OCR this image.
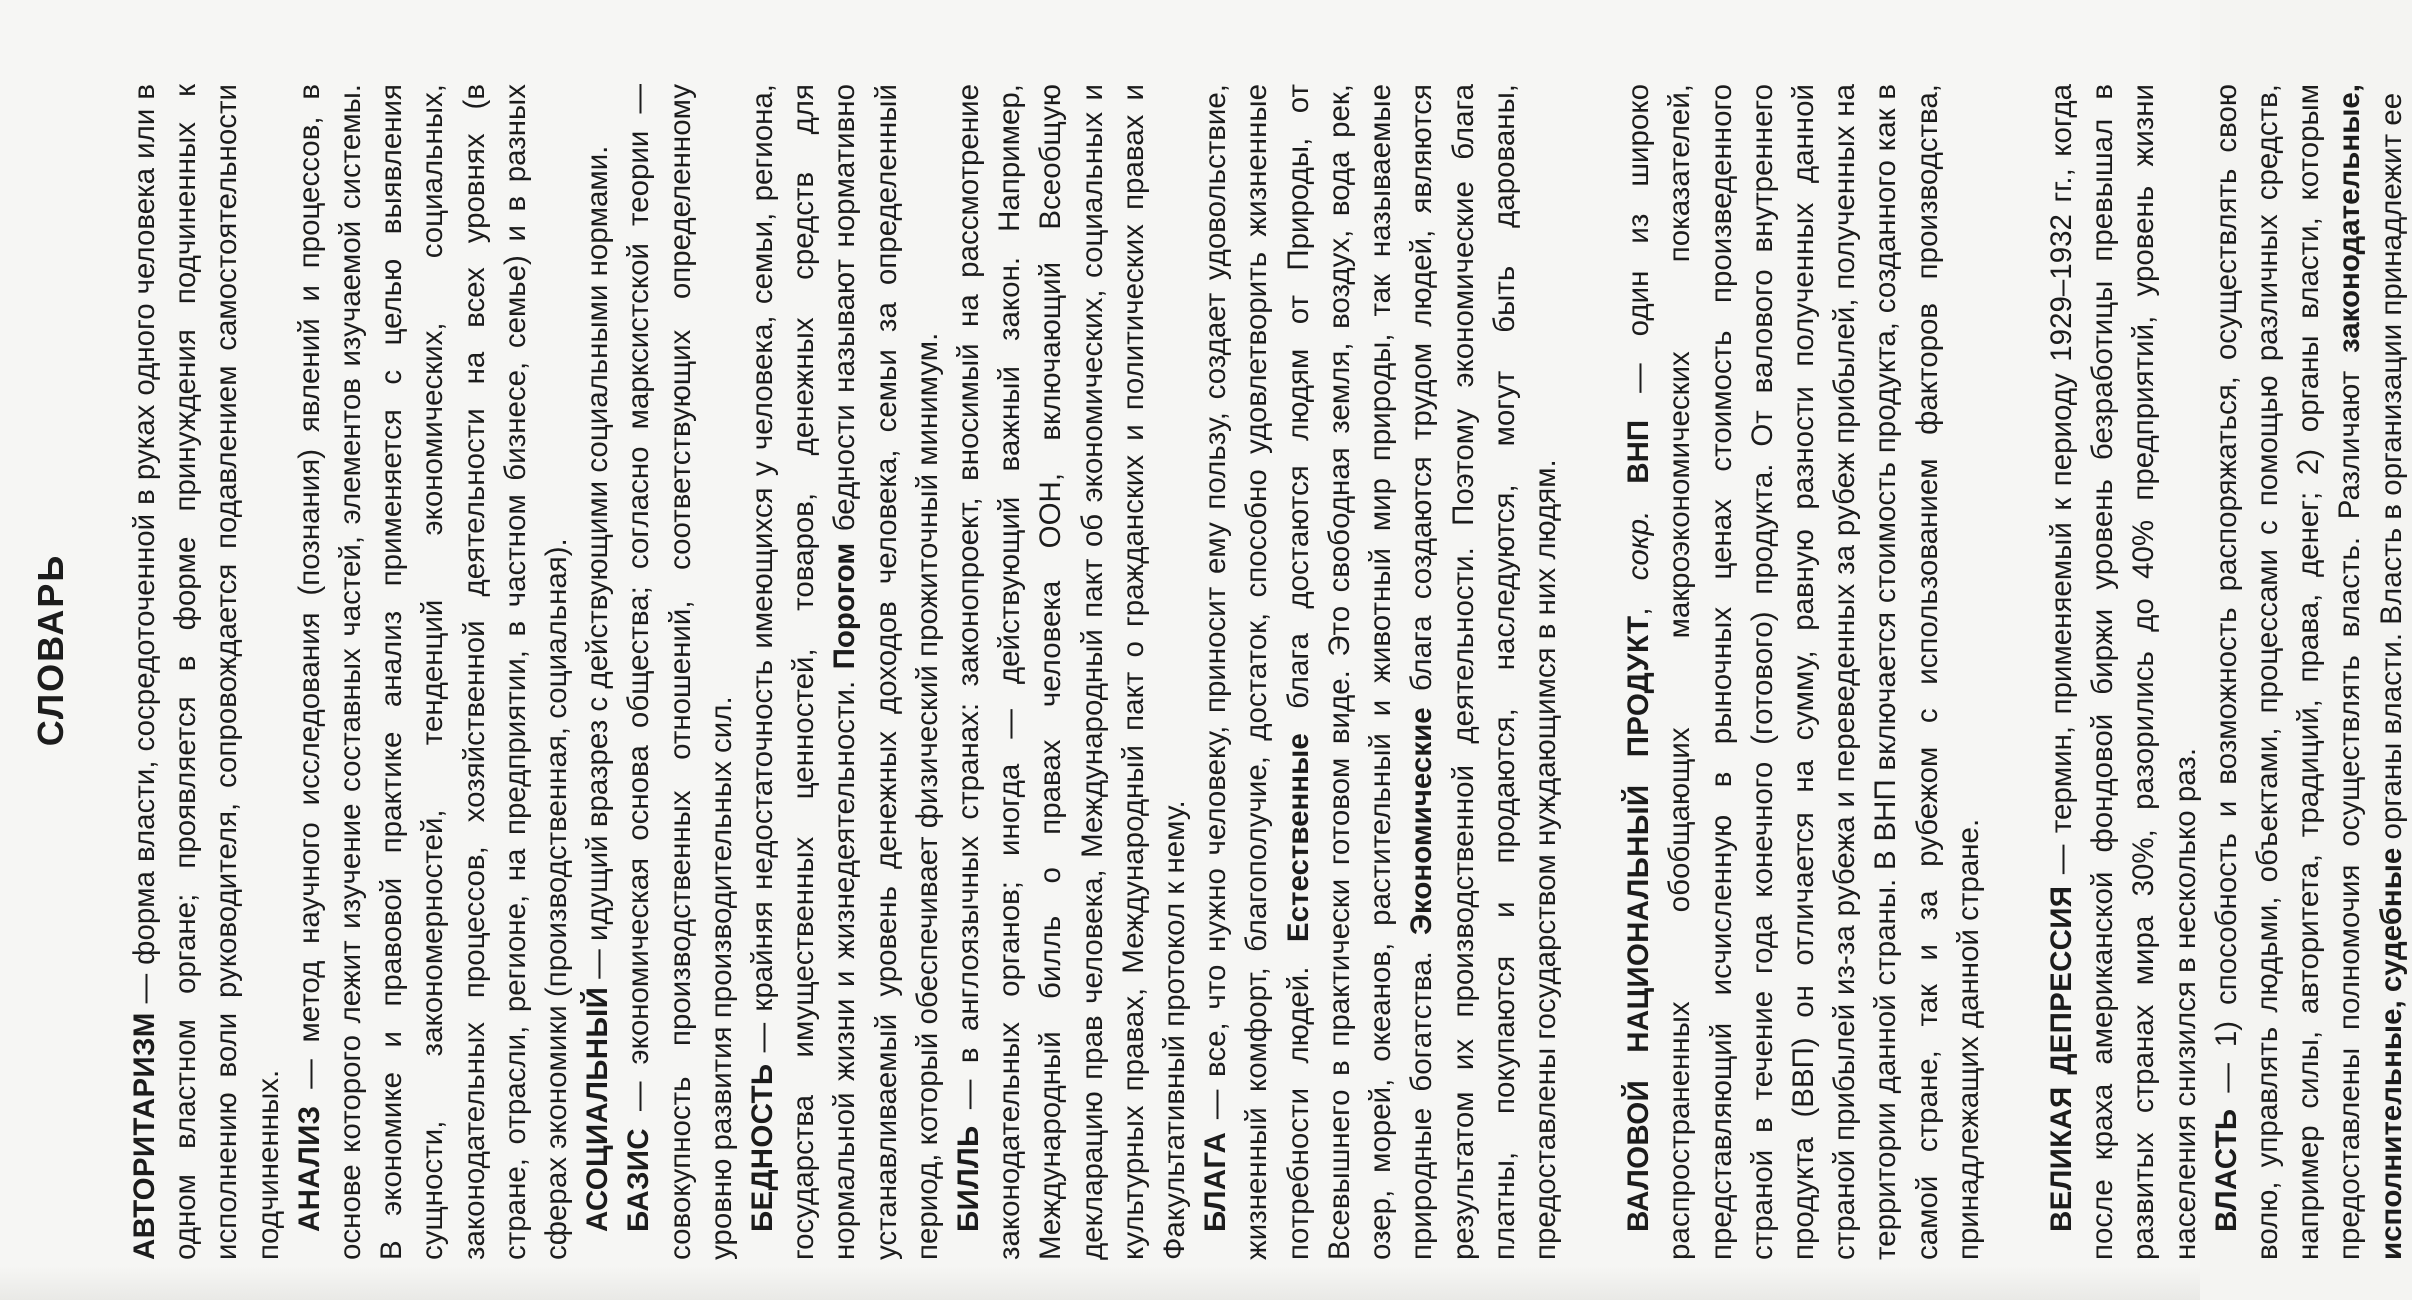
СЛОВАРЬ

АВТОРИТАРИЗМ — форма власти, сосредоточенной в руках одного человека или в одном властном органе; проявляется в форме принуждения подчиненных к исполнению воли руководителя, сопровождается подавлением самостоятельности подчиненных. АНАЛИЗ — метод научного исследования (познания) явлений и процессов, в основе которого лежит изучение составных частей, элементов изучаемой системы. В экономике и правовой практике анализ применяется с целью выявления сущности, закономерностей, тенденций экономических, социальных, законодательных процессов, хозяйственной деятельности на всех уровнях (в стране, отрасли, регионе, на предприятии, в частном бизнесе, семье) и в разных сферах экономики (производственная, социальная). АСОЦИАЛЬНЫЙ — идущий вразрез с действующими социальными нормами.

БАЗИС — экономическая основа общества; согласно марксистской теории — совокупность производственных отношений, соответствующих определенному уровню развития производительных сил. БЕДНОСТЬ — крайняя недостаточность имеющихся у человека, семьи, региона, государства имущественных ценностей, товаров, денежных средств для нормальной жизни и жизнедеятельности. Порогом бедности называют нормативно устанавливаемый уровень денежных доходов человека, семьи за определенный период, который обеспечивает физический прожиточный минимум. БИЛЛЬ — в англоязычных странах: законопроект, вносимый на рассмотрение законодательных органов; иногда — действующий важный закон. Например, Международный билль о правах человека ООН, включающий Всеобщую декларацию прав человека, Международный пакт об экономических, социальных и культурных правах, Международный пакт о гражданских и политических правах и Факультативный протокол к нему. БЛАГА — все, что нужно человеку, приносит ему пользу, создает удовольствие, жизненный комфорт, благополучие, достаток, способно удовлетворить жизненные потребности людей. Естественные блага достаются людям от Природы, от Всевышнего в практически готовом виде. Это свободная земля, воздух, вода рек, озер, морей, океанов, растительный и животный мир природы, так называемые природные богатства. Экономические блага создаются трудом людей, являются результатом их производственной деятельности. Поэтому экономические блага платны, покупаются и продаются, наследуются, могут быть дарованы, предоставлены государством нуждающимся в них людям. ВАЛОВОЙ НАЦИОНАЛЬНЫЙ ПРОДУКТ, сокр. ВНП — один из широко распространенных обобщающих макроэкономических показателей, представляющий исчисленную в рыночных ценах стоимость произведенного страной в течение года конечного (готового) продукта. От валового внутреннего продукта (ВВП) он отличается на сумму, равную разности полученных данной страной прибылей из-за рубежа и переведенных за рубеж прибылей, полученных на территории данной страны. В ВНП включается стоимость продукта, созданного как в самой стране, так и за рубежом с использованием факторов производства, принадлежащих данной стране. ВЕЛИКАЯ ДЕПРЕССИЯ — термин, применяемый к периоду 1929–1932 гг., когда после краха американской фондовой биржи уровень безработицы превышал в развитых странах мира 30%, разорились до 40% предприятий, уровень жизни населения снизился в несколько раз. ВЛАСТЬ — 1) способность и возможность распоряжаться, осуществлять свою волю, управлять людьми, объектами, процессами с помощью различных средств, например силы, авторитета, традиций, права, денег; 2) органы власти, которым предоставлены полномочия осуществлять власть. Различают законодательные, исполнительные, судебные органы власти. Власть в организации принадлежит ее
